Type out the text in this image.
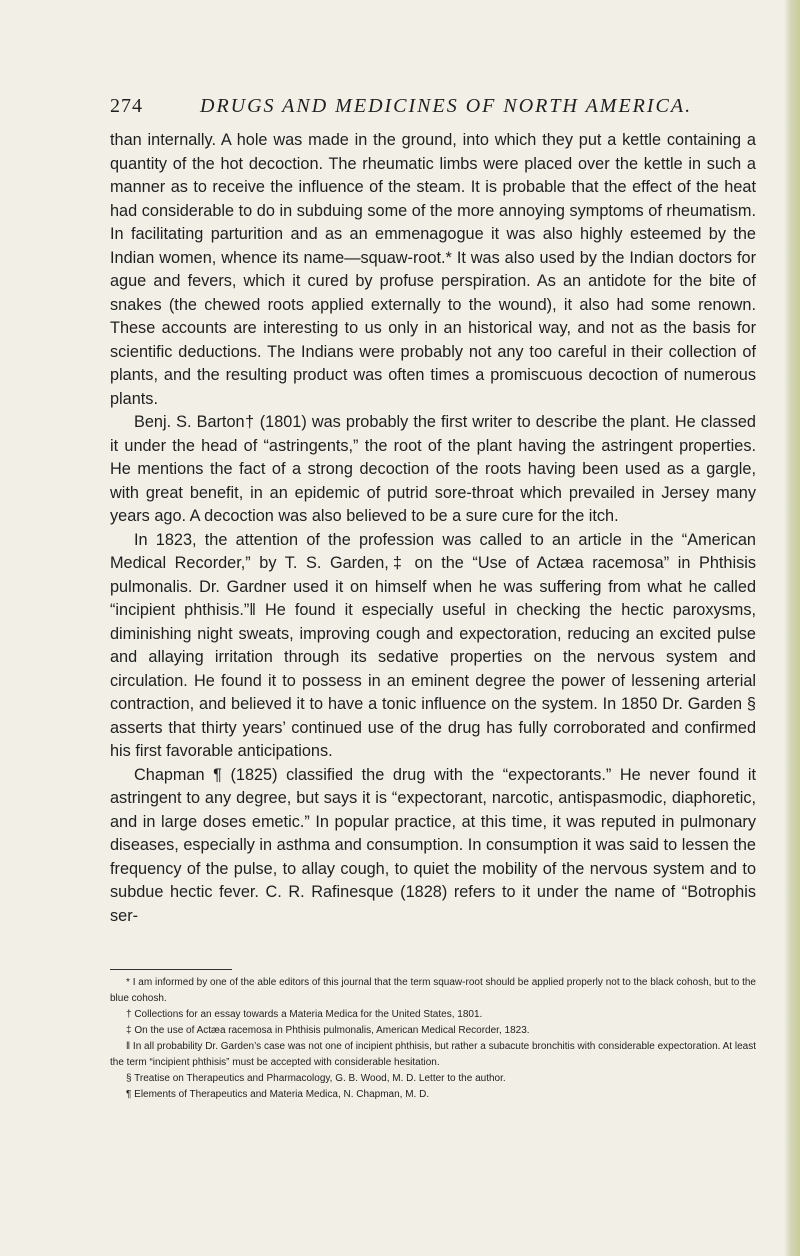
274	DRUGS AND MEDICINES OF NORTH AMERICA.

than internally. A hole was made in the ground, into which they put a kettle containing a quantity of the hot decoction. The rheumatic limbs were placed over the kettle in such a manner as to receive the influence of the steam. It is probable that the effect of the heat had considerable to do in subduing some of the more annoying symptoms of rheumatism. In facilitating parturition and as an emmenagogue it was also highly esteemed by the Indian women, whence its name—squaw-root.* It was also used by the Indian doctors for ague and fevers, which it cured by profuse perspiration. As an antidote for the bite of snakes (the chewed roots applied externally to the wound), it also had some renown. These accounts are interesting to us only in an historical way, and not as the basis for scientific deductions. The Indians were probably not any too careful in their collection of plants, and the resulting product was often times a promiscuous decoction of numerous plants.

Benj. S. Barton† (1801) was probably the first writer to describe the plant. He classed it under the head of “astringents,” the root of the plant having the astringent properties. He mentions the fact of a strong decoction of the roots having been used as a gargle, with great benefit, in an epidemic of putrid sore-throat which prevailed in Jersey many years ago. A decoction was also believed to be a sure cure for the itch.

In 1823, the attention of the profession was called to an article in the “American Medical Recorder,” by T. S. Garden,‡ on the “Use of Actæa racemosa” in Phthisis pulmonalis. Dr. Gardner used it on himself when he was suffering from what he called “incipient phthisis.”‖ He found it especially useful in checking the hectic paroxysms, diminishing night sweats, improving cough and expectoration, reducing an excited pulse and allaying irritation through its sedative properties on the nervous system and circulation. He found it to possess in an eminent degree the power of lessening arterial contraction, and believed it to have a tonic influence on the system. In 1850 Dr. Garden § asserts that thirty years’ continued use of the drug has fully corroborated and confirmed his first favorable anticipations.

Chapman ¶ (1825) classified the drug with the “expectorants.” He never found it astringent to any degree, but says it is “expectorant, narcotic, antispasmodic, diaphoretic, and in large doses emetic.” In popular practice, at this time, it was reputed in pulmonary diseases, especially in asthma and consumption. In consumption it was said to lessen the frequency of the pulse, to allay cough, to quiet the mobility of the nervous system and to subdue hectic fever. C. R. Rafinesque (1828) refers to it under the name of “Botrophis ser-

* I am informed by one of the able editors of this journal that the term squaw-root should be applied properly not to the black cohosh, but to the blue cohosh.

† Collections for an essay towards a Materia Medica for the United States, 1801.

‡ On the use of Actæa racemosa in Phthisis pulmonalis, American Medical Recorder, 1823.

‖ In all probability Dr. Garden’s case was not one of incipient phthisis, but rather a subacute bronchitis with considerable expectoration. At least the term “incipient phthisis” must be accepted with considerable hesitation.

§ Treatise on Therapeutics and Pharmacology, G. B. Wood, M. D. Letter to the author.

¶ Elements of Therapeutics and Materia Medica, N. Chapman, M. D.
